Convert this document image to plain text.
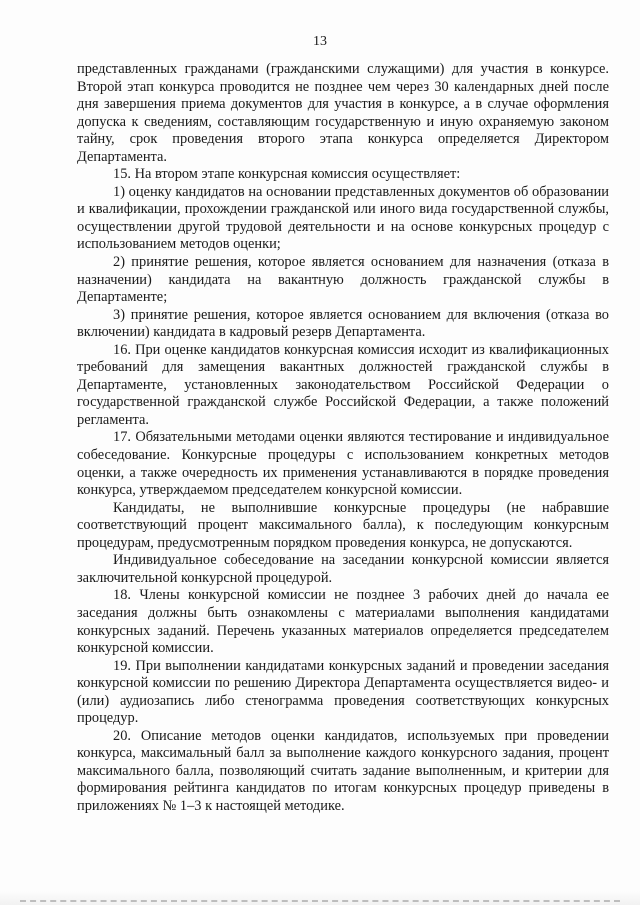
13

представленных гражданами (гражданскими служащими) для участия в конкурсе. Второй этап конкурса проводится не позднее чем через 30 календарных дней после дня завершения приема документов для участия в конкурсе, а в случае оформления допуска к сведениям, составляющим государственную и иную охраняемую законом тайну, срок проведения второго этапа конкурса определяется Директором Департамента.

15. На втором этапе конкурсная комиссия осуществляет:

1) оценку кандидатов на основании представленных документов об образовании и квалификации, прохождении гражданской или иного вида государственной службы, осуществлении другой трудовой деятельности и на основе конкурсных процедур с использованием методов оценки;

2) принятие решения, которое является основанием для назначения (отказа в назначении) кандидата на вакантную должность гражданской службы в Департаменте;

3) принятие решения, которое является основанием для включения (отказа во включении) кандидата в кадровый резерв Департамента.

16. При оценке кандидатов конкурсная комиссия исходит из квалификационных требований для замещения вакантных должностей гражданской службы в Департаменте, установленных законодательством Российской Федерации о государственной гражданской службе Российской Федерации, а также положений регламента.

17. Обязательными методами оценки являются тестирование и индивидуальное собеседование. Конкурсные процедуры с использованием конкретных методов оценки, а также очередность их применения устанавливаются в порядке проведения конкурса, утверждаемом председателем конкурсной комиссии.

Кандидаты, не выполнившие конкурсные процедуры (не набравшие соответствующий процент максимального балла), к последующим конкурсным процедурам, предусмотренным порядком проведения конкурса, не допускаются.

Индивидуальное собеседование на заседании конкурсной комиссии является заключительной конкурсной процедурой.

18. Члены конкурсной комиссии не позднее 3 рабочих дней до начала ее заседания должны быть ознакомлены с материалами выполнения кандидатами конкурсных заданий. Перечень указанных материалов определяется председателем конкурсной комиссии.

19. При выполнении кандидатами конкурсных заданий и проведении заседания конкурсной комиссии по решению Директора Департамента осуществляется видео- и (или) аудиозапись либо стенограмма проведения соответствующих конкурсных процедур.

20. Описание методов оценки кандидатов, используемых при проведении конкурса, максимальный балл за выполнение каждого конкурсного задания, процент максимального балла, позволяющий считать задание выполненным, и критерии для формирования рейтинга кандидатов по итогам конкурсных процедур приведены в приложениях № 1–3 к настоящей методике.
